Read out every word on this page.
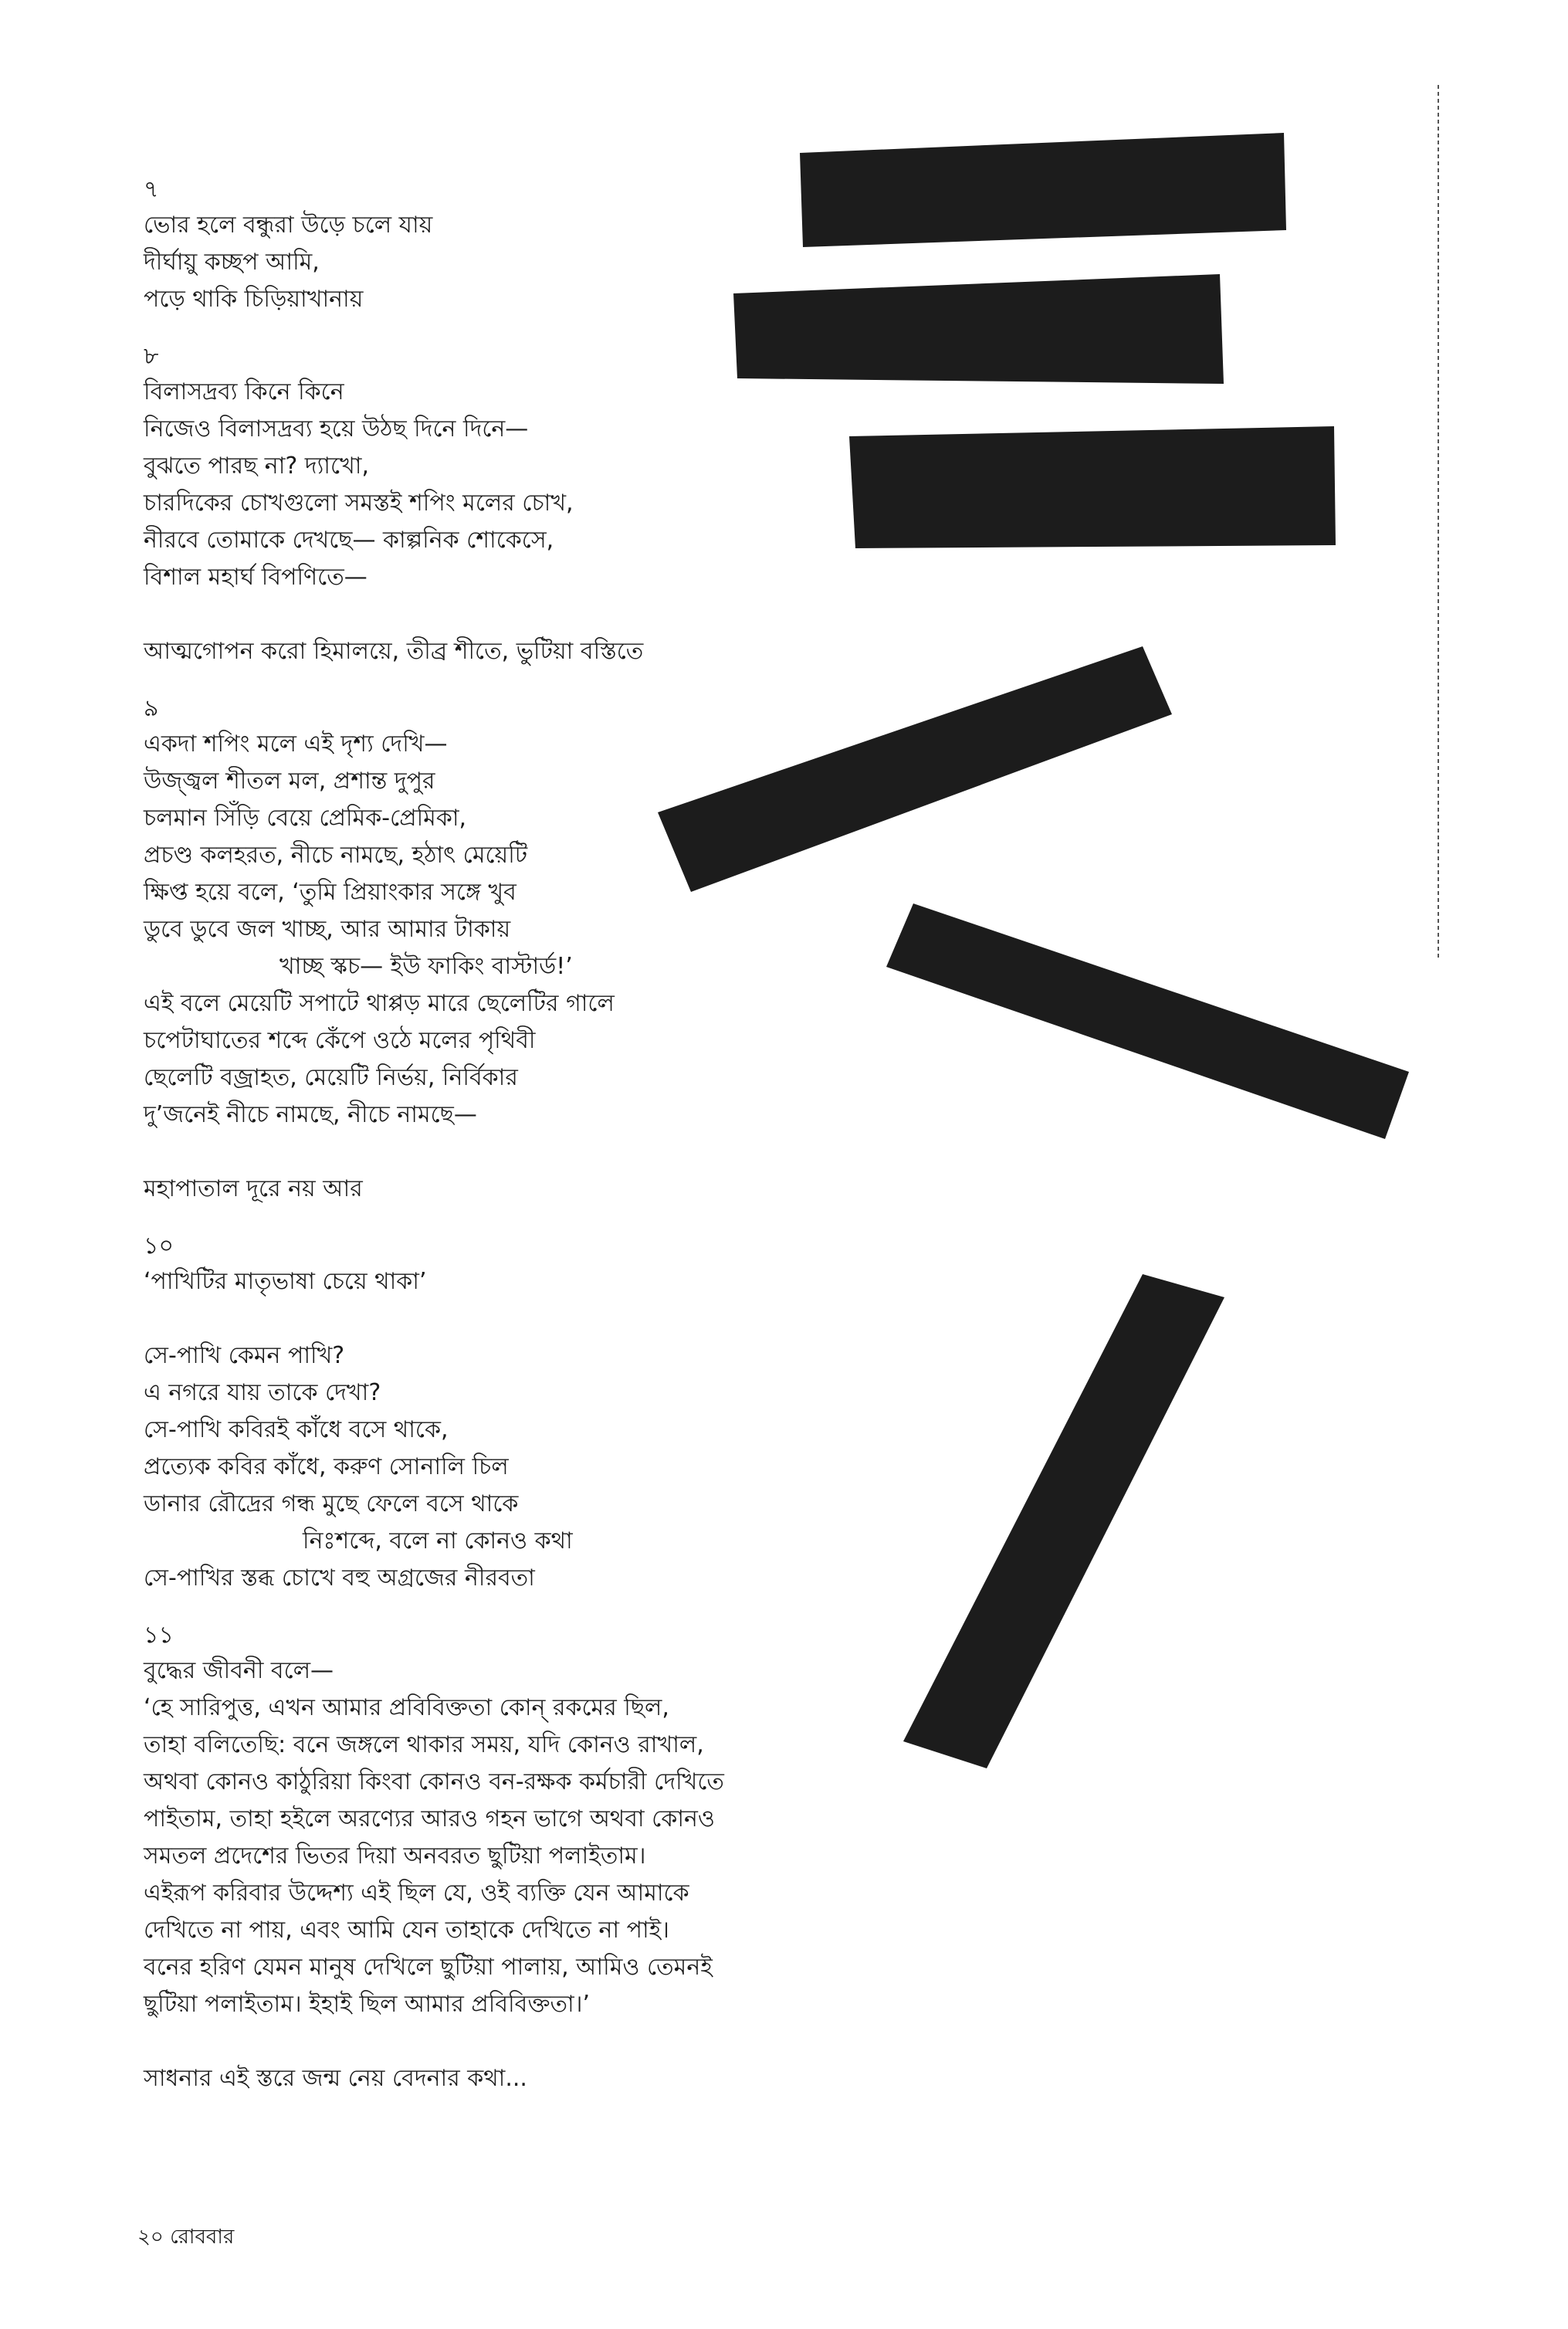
৭
ভোর হলে বন্ধুরা উড়ে চলে যায়
দীর্ঘায়ু কচ্ছপ আমি,
পড়ে থাকি চিড়িয়াখানায়
৮
বিলাসদ্রব্য কিনে কিনে
নিজেও বিলাসদ্রব্য হয়ে উঠছ দিনে দিনে—
বুঝতে পারছ না? দ্যাখো,
চারদিকের চোখগুলো সমস্তই শপিং মলের চোখ,
নীরবে তোমাকে দেখছে— কাল্পনিক শোকেসে,
বিশাল মহার্ঘ বিপণিতে—
আত্মগোপন করো হিমালয়ে, তীব্র শীতে, ভুটিয়া বস্তিতে
৯
একদা শপিং মলে এই দৃশ্য দেখি—
উজ্জ্বল শীতল মল, প্রশান্ত দুপুর
চলমান সিঁড়ি বেয়ে প্রেমিক-প্রেমিকা,
প্রচণ্ড কলহরত, নীচে নামছে, হঠাৎ মেয়েটি
ক্ষিপ্ত হয়ে বলে, ‘তুমি প্রিয়াংকার সঙ্গে খুব
ডুবে ডুবে জল খাচ্ছ, আর আমার টাকায়
খাচ্ছ স্কচ— ইউ ফাকিং বাস্টার্ড!’
এই বলে মেয়েটি সপাটে থাপ্পড় মারে ছেলেটির গালে
চপেটাঘাতের শব্দে কেঁপে ওঠে মলের পৃথিবী
ছেলেটি বজ্রাহত, মেয়েটি নির্ভয়, নির্বিকার
দু’জনেই নীচে নামছে, নীচে নামছে—
মহাপাতাল দূরে নয় আর
১০
‘পাখিটির মাতৃভাষা চেয়ে থাকা’
সে-পাখি কেমন পাখি?
এ নগরে যায় তাকে দেখা?
সে-পাখি কবিরই কাঁধে বসে থাকে,
প্রত্যেক কবির কাঁধে, করুণ সোনালি চিল
ডানার রৌদ্রের গন্ধ মুছে ফেলে বসে থাকে
নিঃশব্দে, বলে না কোনও কথা
সে-পাখির স্তব্ধ চোখে বহু অগ্রজের নীরবতা
১১
বুদ্ধের জীবনী বলে—
‘হে সারিপুত্ত, এখন আমার প্রবিবিক্ততা কোন্‌ রকমের ছিল,
তাহা বলিতেছি: বনে জঙ্গলে থাকার সময়, যদি কোনও রাখাল,
অথবা কোনও কাঠুরিয়া কিংবা কোনও বন-রক্ষক কর্মচারী দেখিতে
পাইতাম, তাহা হইলে অরণ্যের আরও গহন ভাগে অথবা কোনও
সমতল প্রদেশের ভিতর দিয়া অনবরত ছুটিয়া পলাইতাম।
এইরূপ করিবার উদ্দেশ্য এই ছিল যে, ওই ব্যক্তি যেন আমাকে
দেখিতে না পায়, এবং আমি যেন তাহাকে দেখিতে না পাই।
বনের হরিণ যেমন মানুষ দেখিলে ছুটিয়া পালায়, আমিও তেমনই
ছুটিয়া পলাইতাম। ইহাই ছিল আমার প্রবিবিক্ততা।’
সাধনার এই স্তরে জন্ম নেয় বেদনার কথা...
২০ রোববার
